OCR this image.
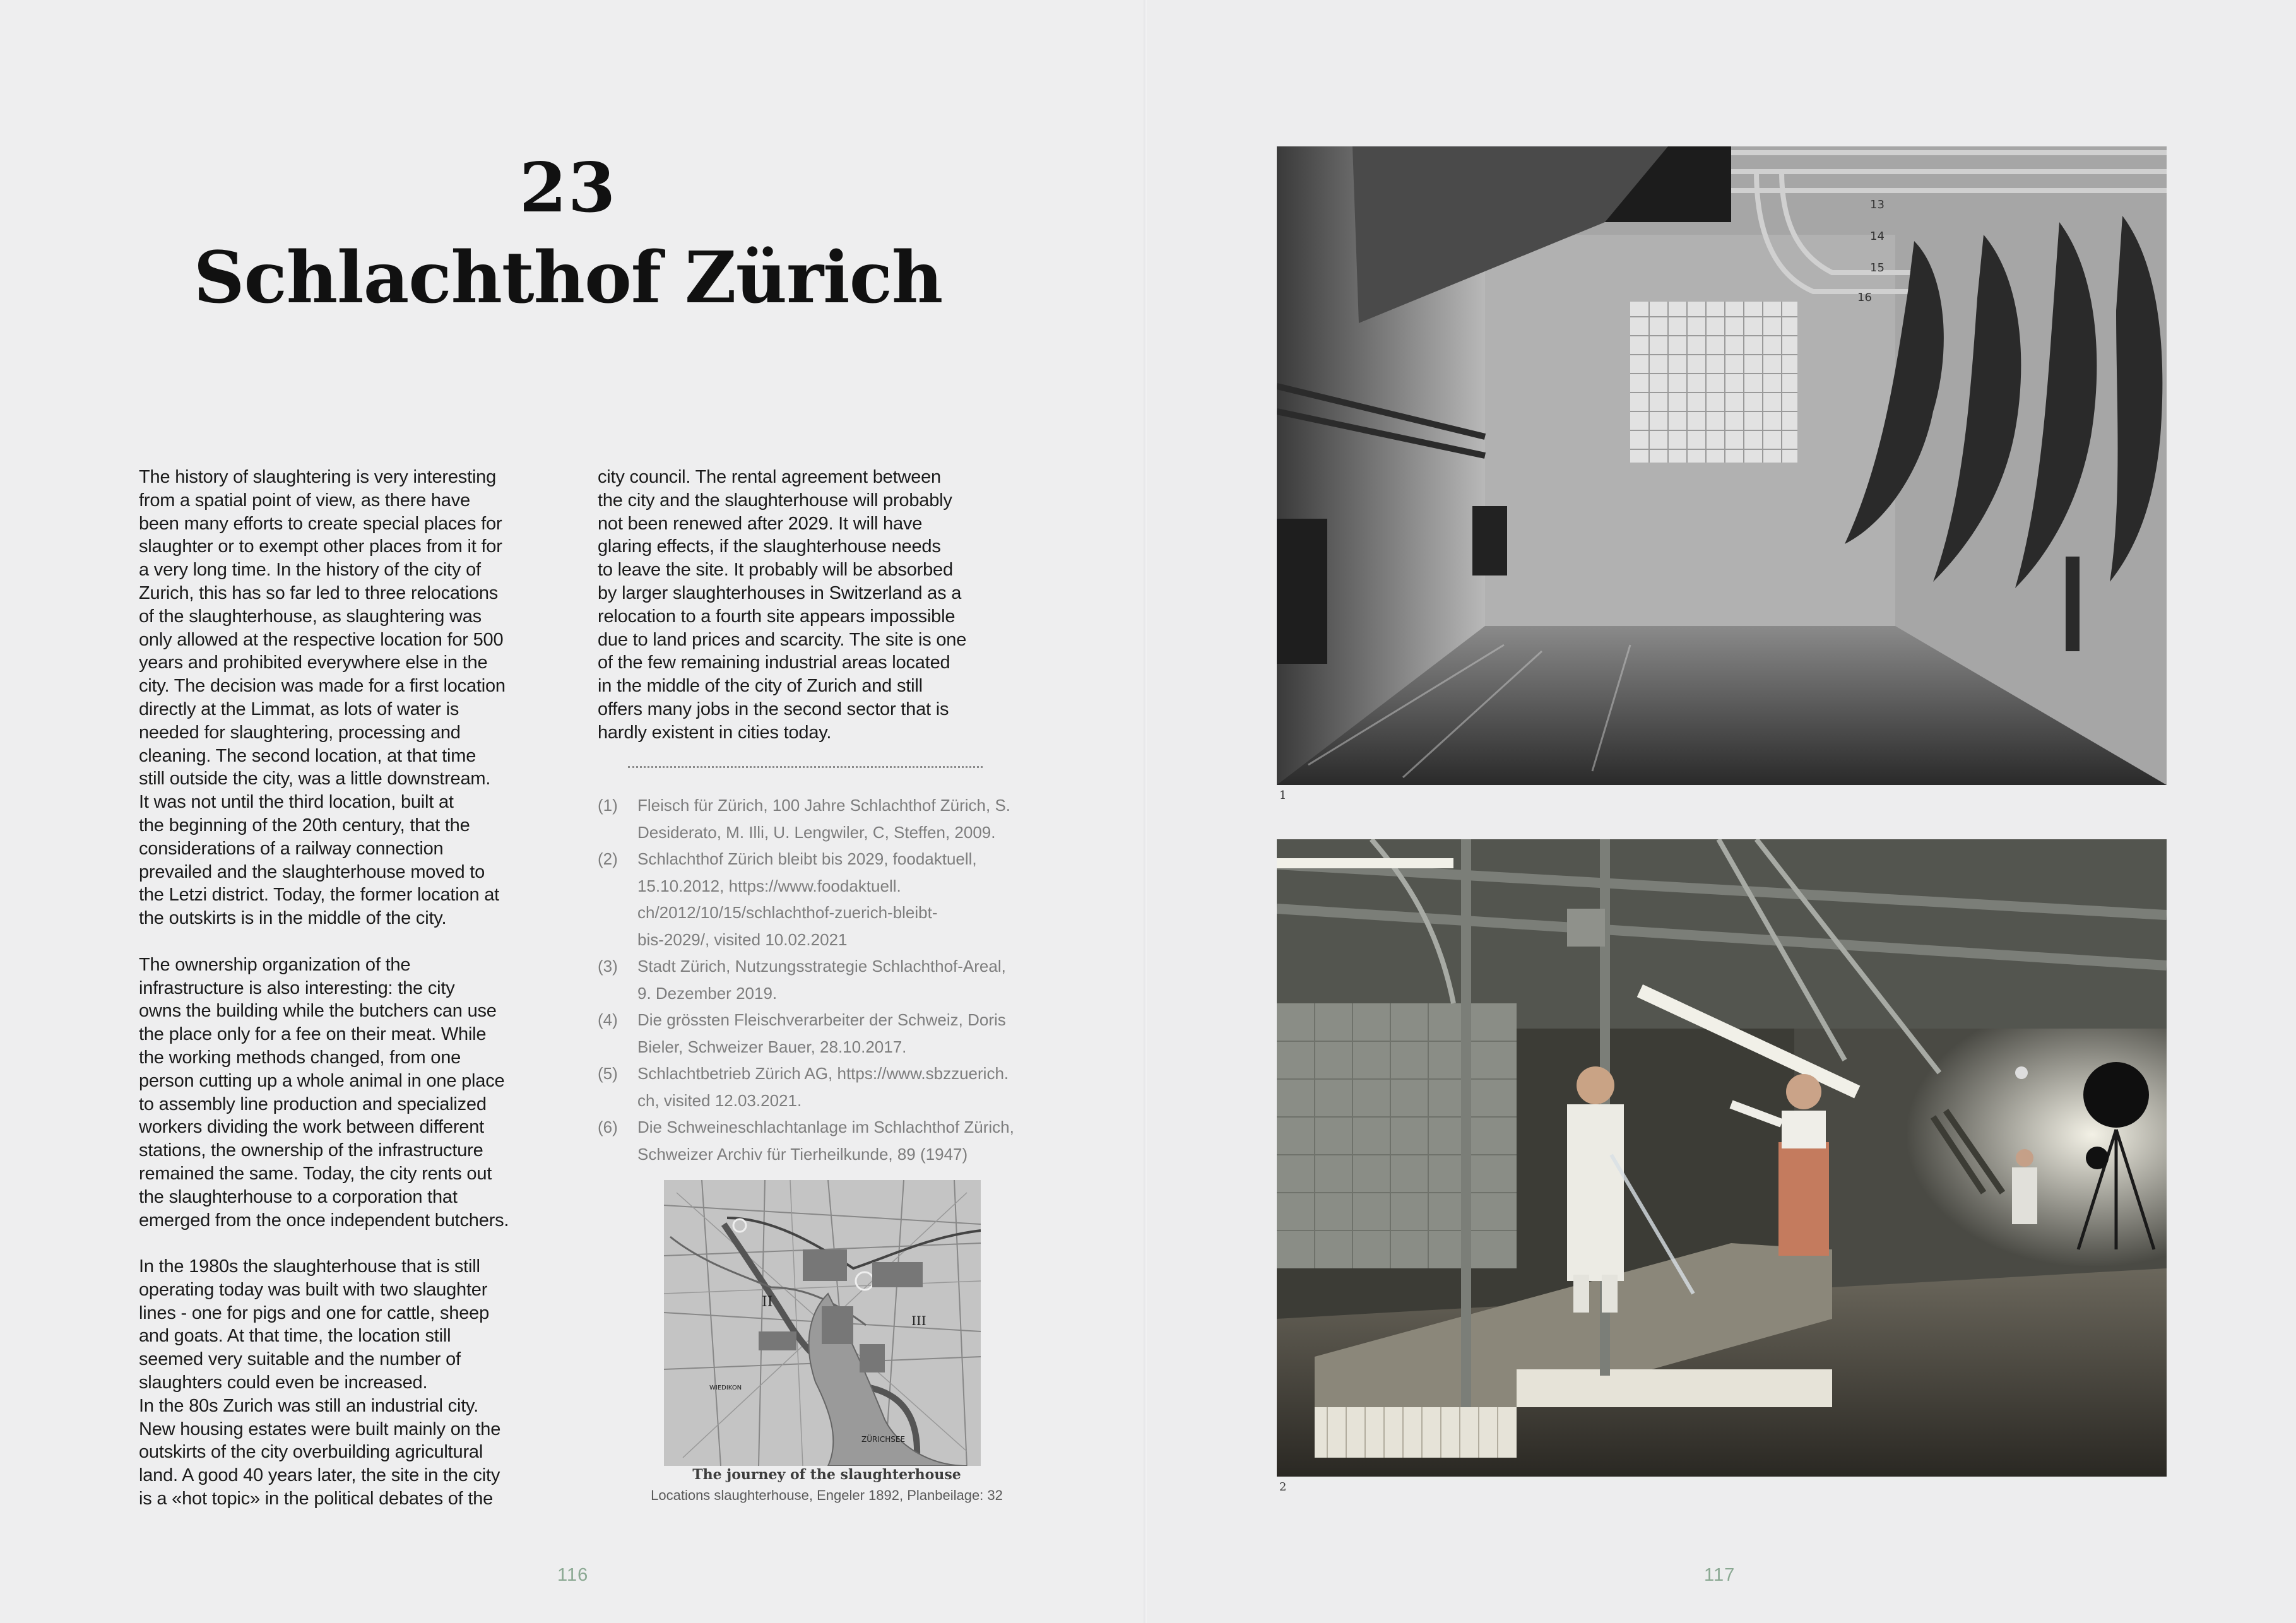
23
Schlachthof Zürich
The history of slaughtering is very interesting
from a spatial point of view, as there have
been many efforts to create special places for
slaughter or to exempt other places from it for
a very long time. In the history of the city of
Zurich, this has so far led to three relocations
of the slaughterhouse, as slaughtering was
only allowed at the respective location for 500
years and prohibited everywhere else in the
city. The decision was made for a first location
directly at the Limmat, as lots of water is
needed for slaughtering, processing and
cleaning. The second location, at that time
still outside the city, was a little downstream.
It was not until the third location, built at
the beginning of the 20th century, that the
considerations of a railway connection
prevailed and the slaughterhouse moved to
the Letzi district. Today, the former location at
the outskirts is in the middle of the city.

The ownership organization of the
infrastructure is also interesting: the city
owns the building while the butchers can use
the place only for a fee on their meat. While
the working methods changed, from one
person cutting up a whole animal in one place
to assembly line production and specialized
workers dividing the work between different
stations, the ownership of the infrastructure
remained the same. Today, the city rents out
the slaughterhouse to a corporation that
emerged from the once independent butchers.

In the 1980s the slaughterhouse that is still
operating today was built with two slaughter
lines - one for pigs and one for cattle, sheep
and goats. At that time, the location still
seemed very suitable and the number of
slaughters could even be increased.
In the 80s Zurich was still an industrial city.
New housing estates were built mainly on the
outskirts of the city overbuilding agricultural
land. A good 40 years later, the site in the city
is a «hot topic» in the political debates of the
city council. The rental agreement between
the city and the slaughterhouse will probably
not been renewed after 2029. It will have
glaring effects, if the slaughterhouse needs
to leave the site. It probably will be absorbed
by larger slaughterhouses in Switzerland as a
relocation to a fourth site appears impossible
due to land prices and scarcity. The site is one
of the few remaining industrial areas located
in the middle of the city of Zurich and still
offers many jobs in the second sector that is
hardly existent in cities today.
(1)	Fleisch für Zürich, 100 Jahre Schlachthof Zürich, S.
Desiderato, M. Illi, U. Lengwiler, C, Steffen, 2009.
(2)	Schlachthof Zürich bleibt bis 2029, foodaktuell,
15.10.2012, https://www.foodaktuell.
ch/2012/10/15/schlachthof-zuerich-bleibt-
bis-2029/, visited 10.02.2021
(3)	Stadt Zürich, Nutzungsstrategie Schlachthof-Areal,
9. Dezember 2019.
(4)	Die grössten Fleischverarbeiter der Schweiz, Doris
Bieler, Schweizer Bauer, 28.10.2017.
(5)	Schlachtbetrieb Zürich AG, https://www.sbzzuerich.
ch, visited 12.03.2021.
(6)	Die Schweineschlachtanlage im Schlachthof Zürich,
Schweizer Archiv für Tierheilkunde, 89 (1947)
II
III
WIEDIKON
ZÜRICHSEE
The journey of the slaughterhouse
Locations slaughterhouse, Engeler 1892, Planbeilage: 32
116
13
14
15
16
1
2
117
